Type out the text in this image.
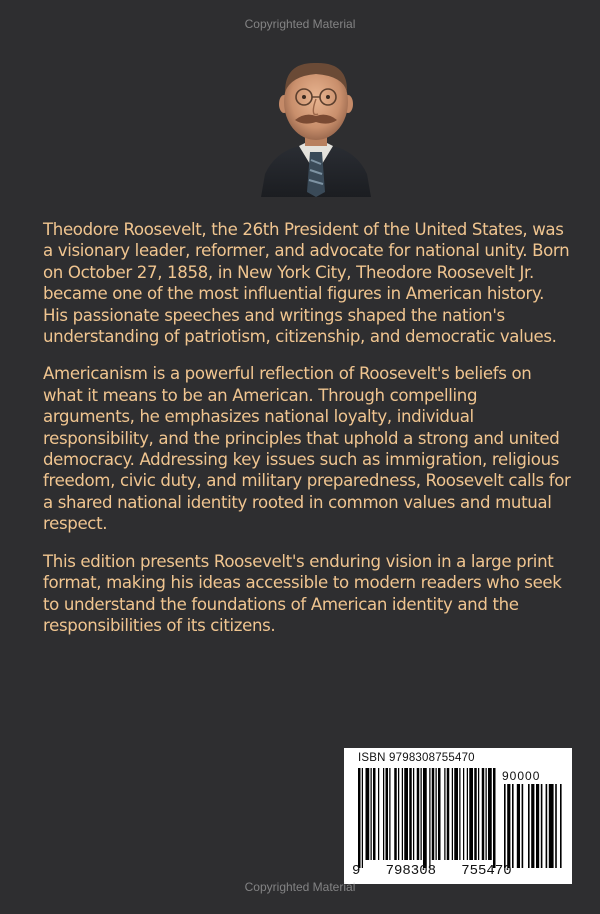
Copyrighted Material

Theodore Roosevelt, the 26th President of the United States, was a visionary leader, reformer, and advocate for national unity. Born on October 27, 1858, in New York City, Theodore Roosevelt Jr. became one of the most influential figures in American history. His passionate speeches and writings shaped the nation's understanding of patriotism, citizenship, and democratic values.

Americanism is a powerful reflection of Roosevelt's beliefs on what it means to be an American. Through compelling arguments, he emphasizes national loyalty, individual responsibility, and the principles that uphold a strong and united democracy. Addressing key issues such as immigration, religious freedom, civic duty, and military preparedness, Roosevelt calls for a shared national identity rooted in common values and mutual respect.

This edition presents Roosevelt's enduring vision in a large print format, making his ideas accessible to modern readers who seek to understand the foundations of American identity and the responsibilities of its citizens.

ISBN 9798308755470
90000
9   798308   755470
Copyrighted Material
